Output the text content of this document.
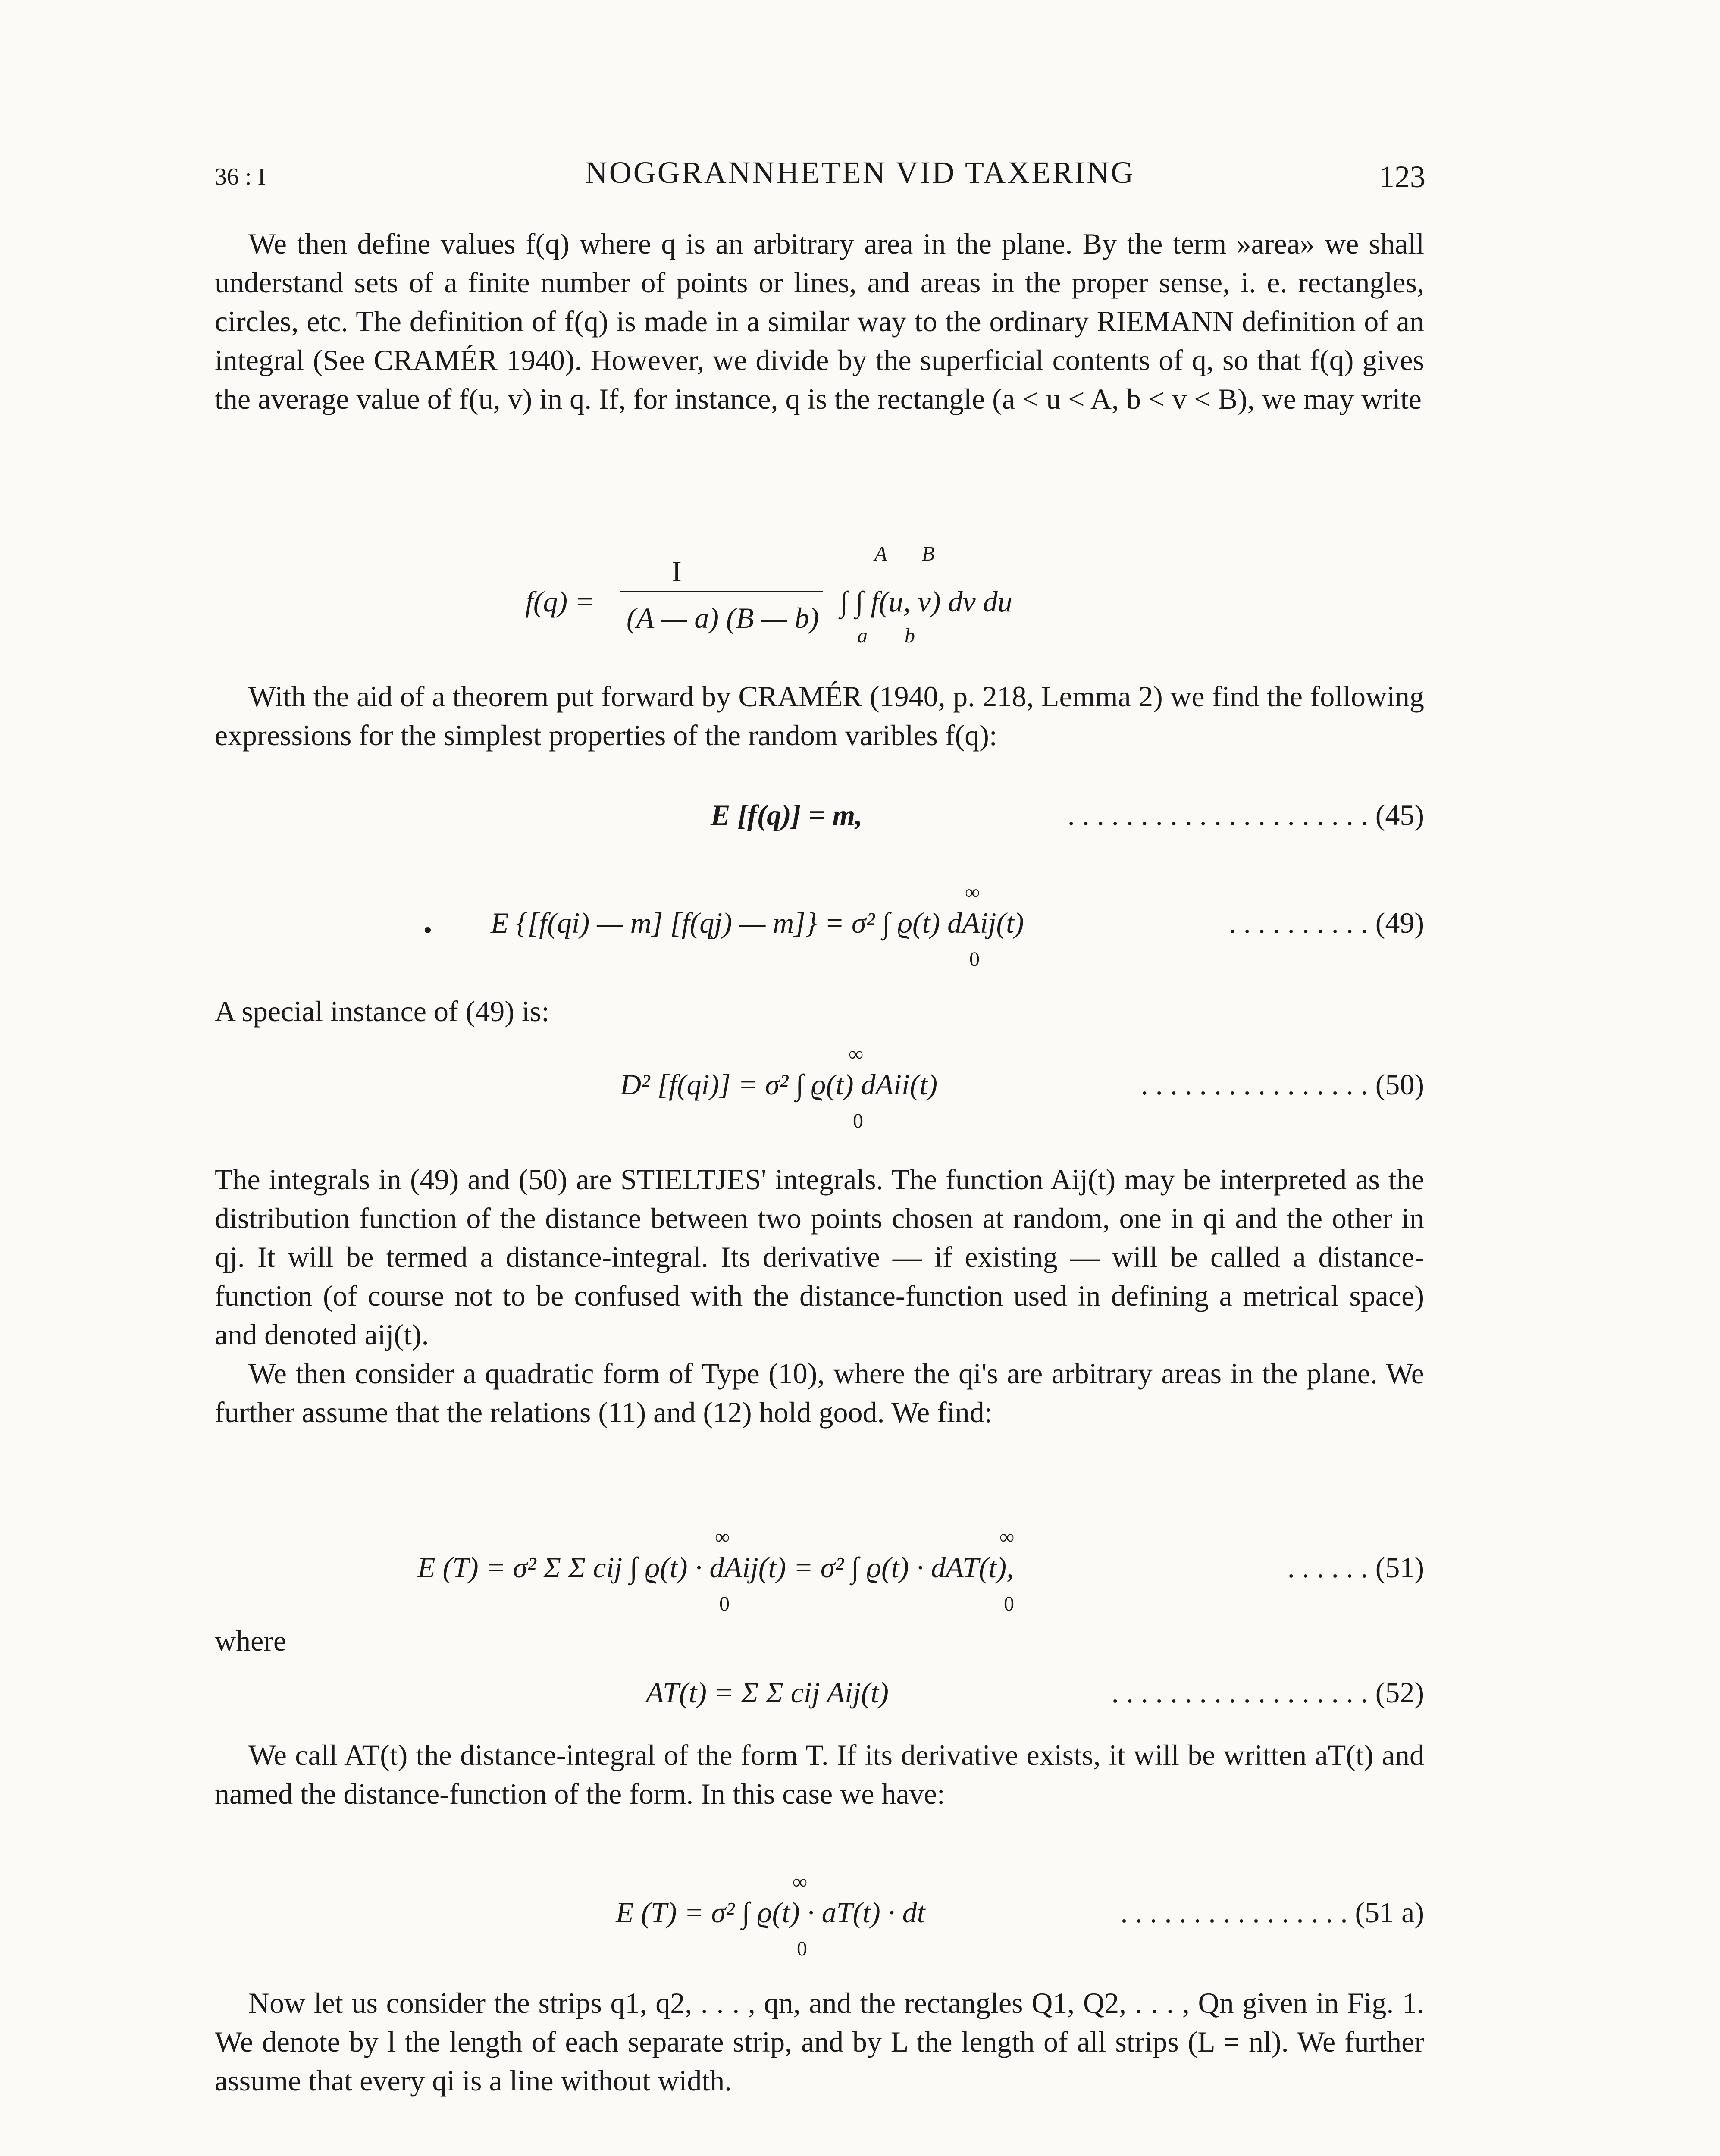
36 : I	NOGGRANNHETEN VID TAXERING	123

We then define values f(q) where q is an arbitrary area in the plane. By the term »area» we shall understand sets of a finite number of points or lines, and areas in the proper sense, i. e. rectangles, circles, etc. The definition of f(q) is made in a similar way to the ordinary RIEMANN definition of an integral (See CRAMÉR 1940). However, we divide by the superficial contents of q, so that f(q) gives the average value of f(u, v) in q. If, for instance, q is the rectangle (a < u < A, b < v < B), we may write

f(q) =
I
(A — a) (B — b)
A B
∫ ∫ f(u, v) dv du
a b

With the aid of a theorem put forward by CRAMÉR (1940, p. 218, Lemma 2) we find the following expressions for the simplest properties of the random varibles f(q):

E [f(q)] = m,	. . . . . . . . . . . . . . . . . . . . . (45)
∞
E {[f(qi) — m] [f(qj) — m]} = σ² ∫ ϱ(t) dAij(t)
0
. . . . . . . . . . (49)

A special instance of (49) is:

∞
D² [f(qi)] = σ² ∫ ϱ(t) dAii(t)
0
. . . . . . . . . . . . . . . . (50)

The integrals in (49) and (50) are STIELTJES' integrals. The function Aij(t) may be interpreted as the distribution function of the distance between two points chosen at random, one in qi and the other in qj. It will be termed a distance-integral. Its derivative — if existing — will be called a distance-function (of course not to be confused with the distance-function used in defining a metrical space) and denoted aij(t).

We then consider a quadratic form of Type (10), where the qi's are arbitrary areas in the plane. We further assume that the relations (11) and (12) hold good. We find:

∞	∞
E (T) = σ² Σ Σ cij ∫ ϱ(t) · dAij(t) = σ² ∫ ϱ(t) · dAT(t),
0	0
. . . . . . (51)

where

AT(t) = Σ Σ cij Aij(t)	. . . . . . . . . . . . . . . . . . (52)

We call AT(t) the distance-integral of the form T. If its derivative exists, it will be written aT(t) and named the distance-function of the form. In this case we have:

∞
E (T) = σ² ∫ ϱ(t) · aT(t) · dt
0
. . . . . . . . . . . . . . . . (51 a)

Now let us consider the strips q1, q2, . . . , qn, and the rectangles Q1, Q2, . . . , Qn given in Fig. 1. We denote by l the length of each separate strip, and by L the length of all strips (L = nl). We further assume that every qi is a line without width.
